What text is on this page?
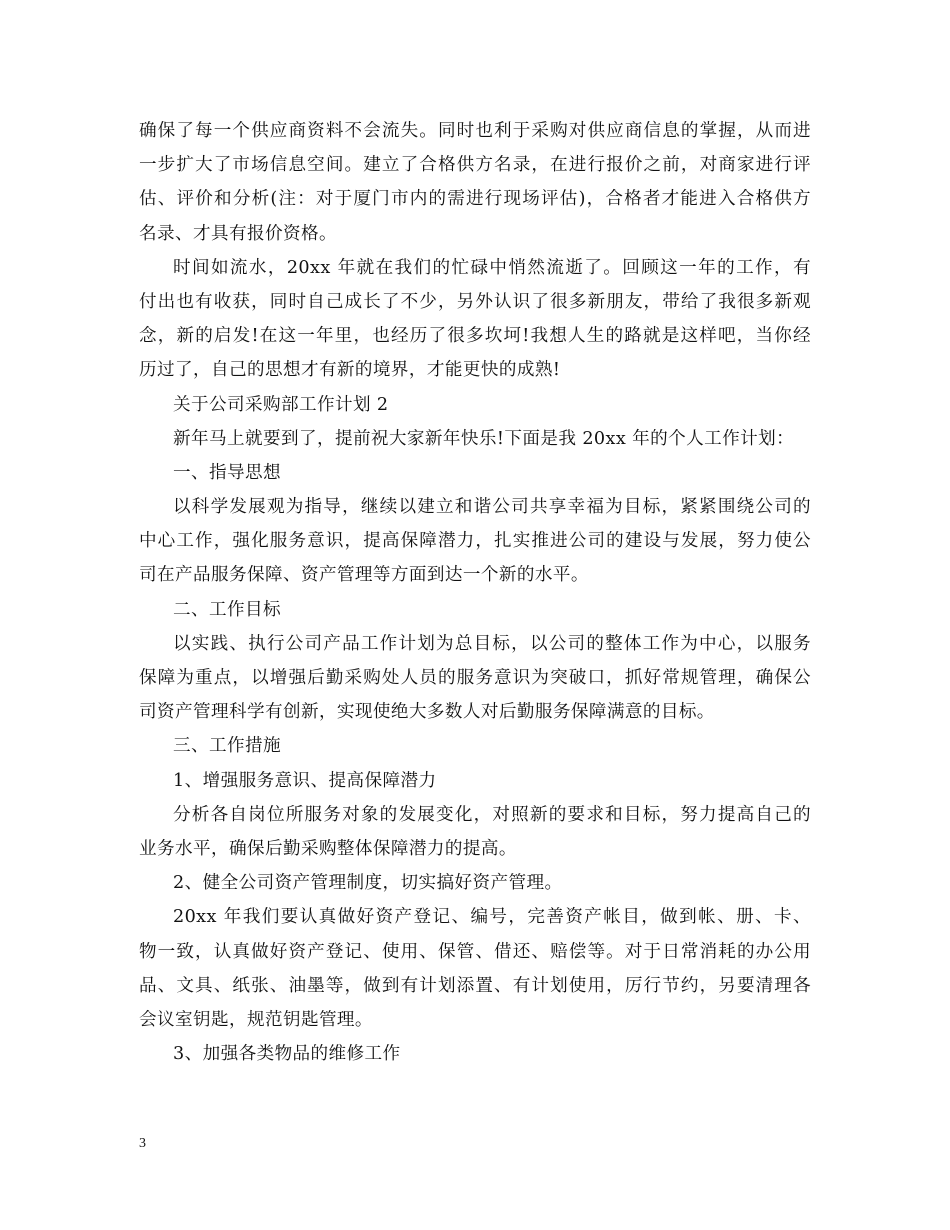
确保了每一个供应商资料不会流失。同时也利于采购对供应商信息的掌握，从而进
一步扩大了市场信息空间。建立了合格供方名录，在进行报价之前，对商家进行评
估、评价和分析(注：对于厦门市内的需进行现场评估)，合格者才能进入合格供方
名录、才具有报价资格。
时间如流水，20xx 年就在我们的忙碌中悄然流逝了。回顾这一年的工作，有
付出也有收获，同时自己成长了不少，另外认识了很多新朋友，带给了我很多新观
念，新的启发!在这一年里，也经历了很多坎坷!我想人生的路就是这样吧，当你经
历过了，自己的思想才有新的境界，才能更快的成熟!
关于公司采购部工作计划 2
新年马上就要到了，提前祝大家新年快乐!下面是我 20xx 年的个人工作计划：
一、指导思想
以科学发展观为指导，继续以建立和谐公司共享幸福为目标，紧紧围绕公司的
中心工作，强化服务意识，提高保障潜力，扎实推进公司的建设与发展，努力使公
司在产品服务保障、资产管理等方面到达一个新的水平。
二、工作目标
以实践、执行公司产品工作计划为总目标，以公司的整体工作为中心，以服务
保障为重点，以增强后勤采购处人员的服务意识为突破口，抓好常规管理，确保公
司资产管理科学有创新，实现使绝大多数人对后勤服务保障满意的目标。
三、工作措施
1、增强服务意识、提高保障潜力
分析各自岗位所服务对象的发展变化，对照新的要求和目标，努力提高自己的
业务水平，确保后勤采购整体保障潜力的提高。
2、健全公司资产管理制度，切实搞好资产管理。
20xx 年我们要认真做好资产登记、编号，完善资产帐目，做到帐、册、卡、
物一致，认真做好资产登记、使用、保管、借还、赔偿等。对于日常消耗的办公用
品、文具、纸张、油墨等，做到有计划添置、有计划使用，厉行节约，另要清理各
会议室钥匙，规范钥匙管理。
3、加强各类物品的维修工作
3
